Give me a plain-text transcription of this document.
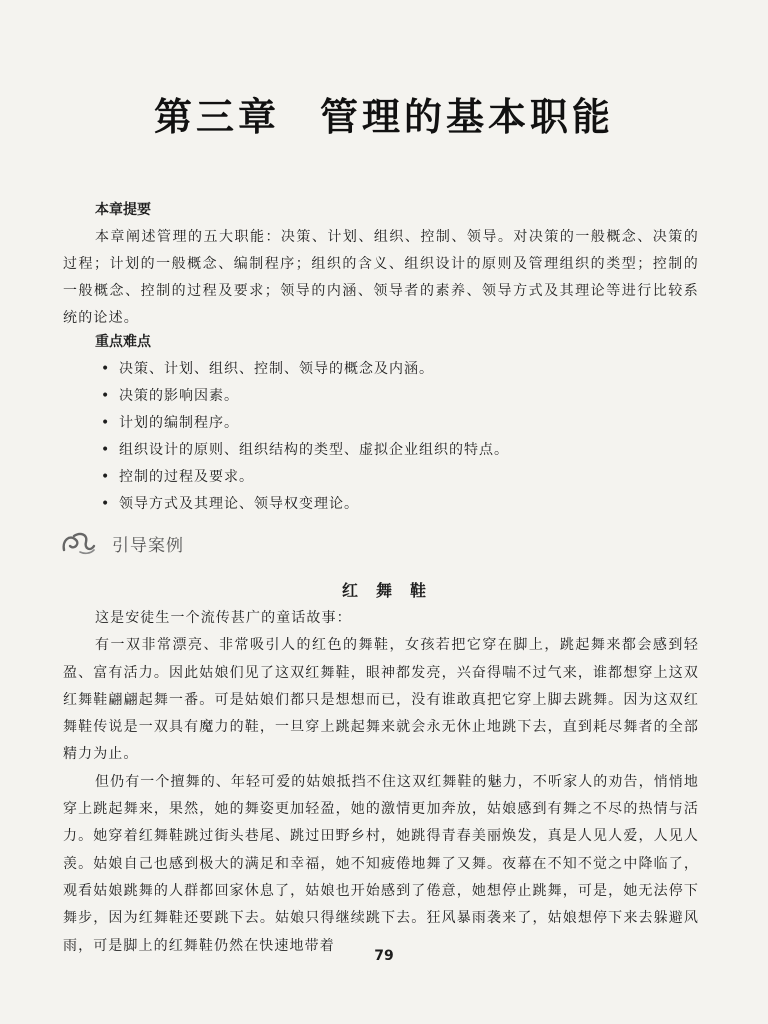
第三章 管理的基本职能
本章提要

本章阐述管理的五大职能：决策、计划、组织、控制、领导。对决策的一般概念、决策的过程；计划的一般概念、编制程序；组织的含义、组织设计的原则及管理组织的类型；控制的一般概念、控制的过程及要求；领导的内涵、领导者的素养、领导方式及其理论等进行比较系统的论述。

重点难点
• 决策、计划、组织、控制、领导的概念及内涵。
• 决策的影响因素。
• 计划的编制程序。
• 组织设计的原则、组织结构的类型、虚拟企业组织的特点。
• 控制的过程及要求。
• 领导方式及其理论、领导权变理论。
引导案例
红舞鞋

这是安徒生一个流传甚广的童话故事：

有一双非常漂亮、非常吸引人的红色的舞鞋，女孩若把它穿在脚上，跳起舞来都会感到轻盈、富有活力。因此姑娘们见了这双红舞鞋，眼神都发亮，兴奋得喘不过气来，谁都想穿上这双红舞鞋翩翩起舞一番。可是姑娘们都只是想想而已，没有谁敢真把它穿上脚去跳舞。因为这双红舞鞋传说是一双具有魔力的鞋，一旦穿上跳起舞来就会永无休止地跳下去，直到耗尽舞者的全部精力为止。

但仍有一个擅舞的、年轻可爱的姑娘抵挡不住这双红舞鞋的魅力，不听家人的劝告，悄悄地穿上跳起舞来，果然，她的舞姿更加轻盈，她的激情更加奔放，姑娘感到有舞之不尽的热情与活力。她穿着红舞鞋跳过街头巷尾、跳过田野乡村，她跳得青春美丽焕发，真是人见人爱，人见人羡。姑娘自己也感到极大的满足和幸福，她不知疲倦地舞了又舞。夜幕在不知不觉之中降临了，观看姑娘跳舞的人群都回家休息了，姑娘也开始感到了倦意，她想停止跳舞，可是，她无法停下舞步，因为红舞鞋还要跳下去。姑娘只得继续跳下去。狂风暴雨袭来了，姑娘想停下来去躲避风雨，可是脚上的红舞鞋仍然在快速地带着

79
